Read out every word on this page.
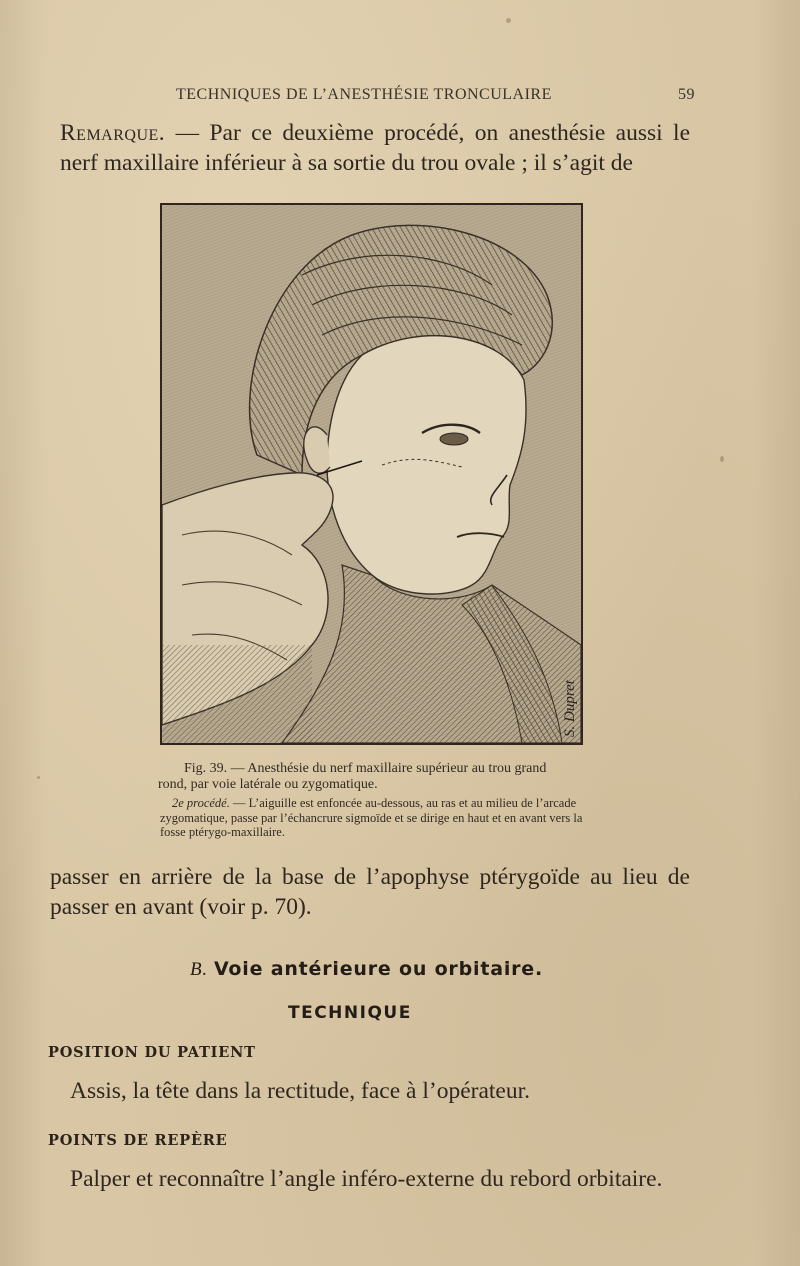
TECHNIQUES DE L’ANESTHÉSIE TRONCULAIRE	59
Remarque. — Par ce deuxième procédé, on anesthésie aussi le nerf maxillaire inférieur à sa sortie du trou ovale ; il s’agit de
S. Dupret
Fig. 39. — Anesthésie du nerf maxillaire supérieur au trou grand rond, par voie latérale ou zygomatique.
2e procédé. — L’aiguille est enfoncée au-dessous, au ras et au milieu de l’arcade zygomatique, passe par l’échancrure sigmoïde et se dirige en haut et en avant vers la fosse ptérygo-maxillaire.
passer en arrière de la base de l’apophyse ptérygoïde au lieu de passer en avant (voir p. 70).
B. Voie antérieure ou orbitaire.
TECHNIQUE
POSITION DU PATIENT
Assis, la tête dans la rectitude, face à l’opérateur.
POINTS DE REPÈRE
Palper et reconnaître l’angle inféro-externe du rebord orbitaire.
